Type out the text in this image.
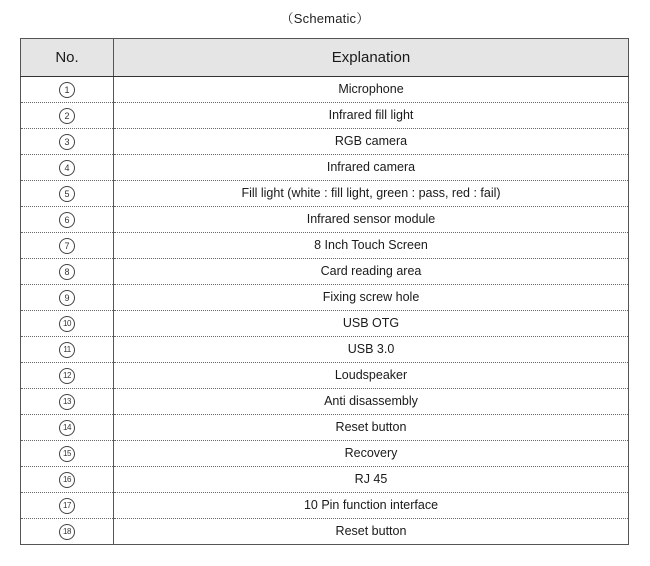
（Schematic）
No.	Explanation
1	Microphone
2	Infrared fill light
3	RGB camera
4	Infrared camera
5	Fill light (white : fill light, green : pass, red : fail)
6	Infrared sensor module
7	8 Inch Touch Screen
8	Card reading area
9	Fixing screw hole
10	USB OTG
11	USB 3.0
12	Loudspeaker
13	Anti disassembly
14	Reset button
15	Recovery
16	RJ 45
17	10 Pin function interface
18	Reset button
